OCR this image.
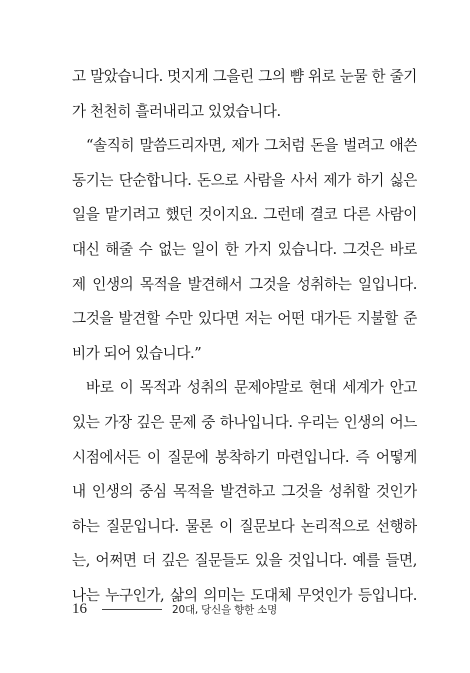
고 말았습니다. 멋지게 그을린 그의 뺨 위로 눈물 한 줄기
가 천천히 흘러내리고 있었습니다.
“솔직히 말씀드리자면, 제가 그처럼 돈을 벌려고 애쓴
동기는 단순합니다. 돈으로 사람을 사서 제가 하기 싫은
일을 맡기려고 했던 것이지요. 그런데 결코 다른 사람이
대신 해줄 수 없는 일이 한 가지 있습니다. 그것은 바로
제 인생의 목적을 발견해서 그것을 성취하는 일입니다.
그것을 발견할 수만 있다면 저는 어떤 대가든 지불할 준
비가 되어 있습니다.”
바로 이 목적과 성취의 문제야말로 현대 세계가 안고
있는 가장 깊은 문제 중 하나입니다. 우리는 인생의 어느
시점에서든 이 질문에 봉착하기 마련입니다. 즉 어떻게
내 인생의 중심 목적을 발견하고 그것을 성취할 것인가
하는 질문입니다. 물론 이 질문보다 논리적으로 선행하
는, 어쩌면 더 깊은 질문들도 있을 것입니다. 예를 들면,
나는 누구인가, 삶의 의미는 도대체 무엇인가 등입니다.
16	20대, 당신을 향한 소명
